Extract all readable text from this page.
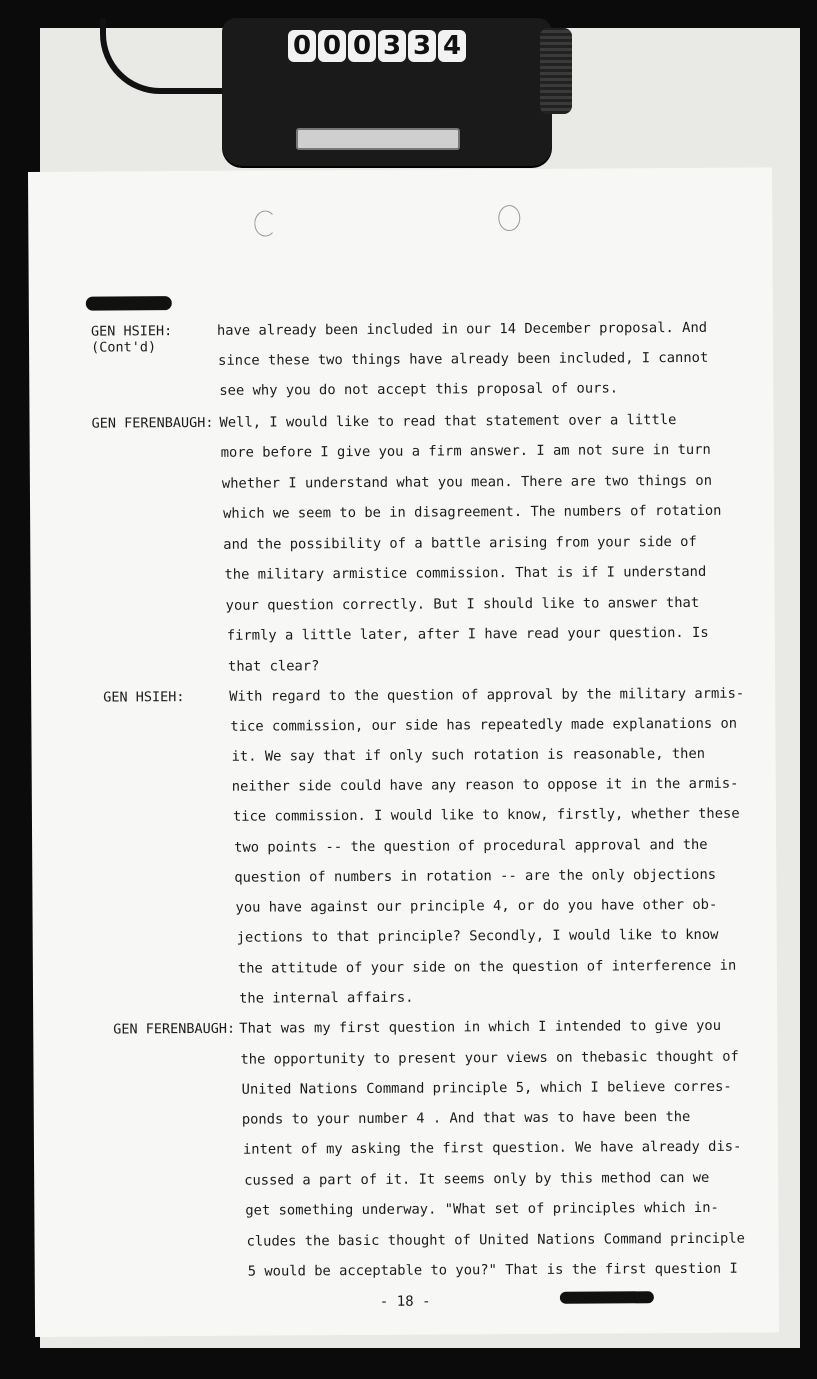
0 0 0 3 3 4
GEN HSIEH:
(Cont'd)
have already been included in our 14 December proposal. And
since these two things have already been included, I cannot
see why you do not accept this proposal of ours.
GEN FERENBAUGH: Well, I would like to read that statement over a little
more before I give you a firm answer. I am not sure in turn
whether I understand what you mean. There are two things on
which we seem to be in disagreement. The numbers of rotation
and the possibility of a battle arising from your side of
the military armistice commission. That is if I understand
your question correctly. But I should like to answer that
firmly a little later, after I have read your question. Is
that clear?
GEN HSIEH:	With regard to the question of approval by the military armis-
tice commission, our side has repeatedly made explanations on
it. We say that if only such rotation is reasonable, then
neither side could have any reason to oppose it in the armis-
tice commission. I would like to know, firstly, whether these
two points -- the question of procedural approval and the
question of numbers in rotation -- are the only objections
you have against our principle 4, or do you have other ob-
jections to that principle? Secondly, I would like to know
the attitude of your side on the question of interference in
the internal affairs.
GEN FERENBAUGH: That was my first question in which I intended to give you
the opportunity to present your views on thebasic thought of
United Nations Command principle 5, which I believe corres-
ponds to your number 4 . And that was to have been the
intent of my asking the first question. We have already dis-
cussed a part of it. It seems only by this method can we
get something underway. "What set of principles which in-
cludes the basic thought of United Nations Command principle
5 would be acceptable to you?" That is the first question I
- 18 -
